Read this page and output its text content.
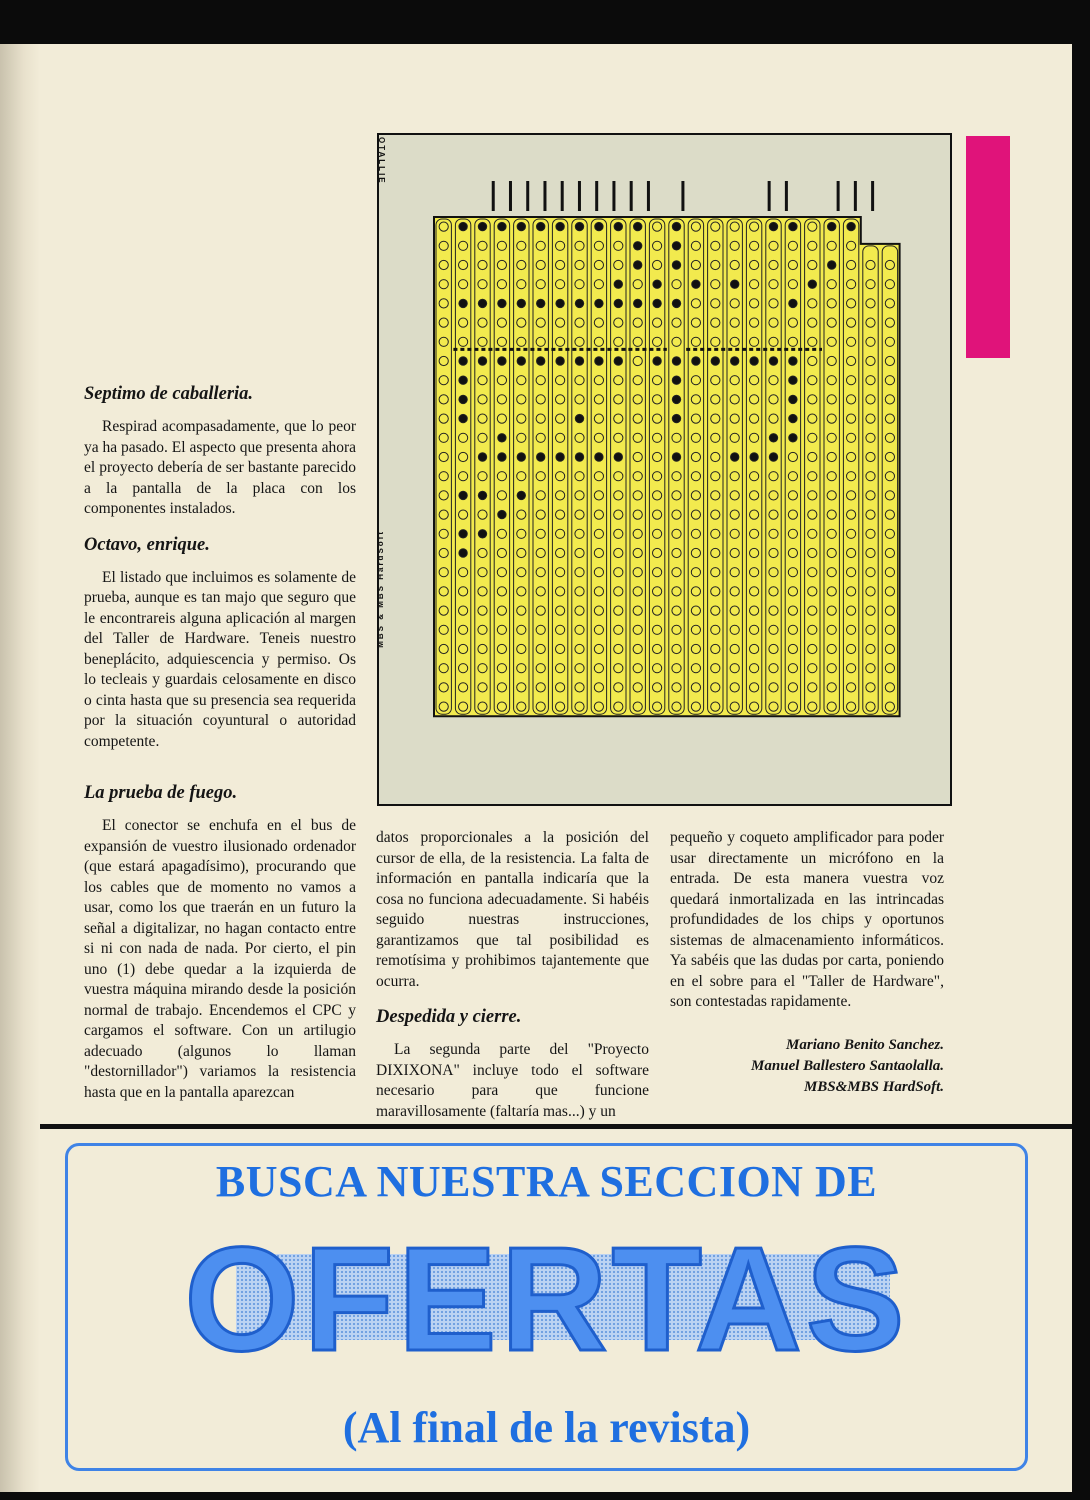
OTALLIE
MBS & MBS HardSoft
Septimo de caballeria.

Respirad acompasadamente, que lo peor ya ha pasado. El aspecto que presenta ahora el proyecto debería de ser bastante parecido a la pantalla de la placa con los componentes instalados.

Octavo, enrique.

El listado que incluimos es solamente de prueba, aunque es tan majo que seguro que le encontrareis alguna aplicación al margen del Taller de Hardware. Teneis nuestro beneplácito, adquiescencia y permiso. Os lo tecleais y guardais celosamente en disco o cinta hasta que su presencia sea requerida por la situación coyuntural o autoridad competente.

La prueba de fuego.

El conector se enchufa en el bus de expansión de vuestro ilusionado ordenador (que estará apagadísimo), procurando que los cables que de momento no vamos a usar, como los que traerán en un futuro la señal a digitalizar, no hagan contacto entre si ni con nada de nada. Por cierto, el pin uno (1) debe quedar a la izquierda de vuestra máquina mirando desde la posición normal de trabajo. Encendemos el CPC y cargamos el software. Con un artilugio adecuado (algunos lo llaman "destornillador") variamos la resistencia hasta que en la pantalla aparezcan

datos proporcionales a la posición del cursor de ella, de la resistencia. La falta de información en pantalla indicaría que la cosa no funciona adecuadamente. Si habéis seguido nuestras instrucciones, garantizamos que tal posibilidad es remotísima y prohibimos tajantemente que ocurra.

Despedida y cierre.

La segunda parte del "Proyecto DIXIXONA" incluye todo el software necesario para que funcione maravillosamente (faltaría mas...) y un

pequeño y coqueto amplificador para poder usar directamente un micrófono en la entrada. De esta manera vuestra voz quedará inmortalizada en las intrincadas profundidades de los chips y oportunos sistemas de almacenamiento informáticos. Ya sabéis que las dudas por carta, poniendo en el sobre para el "Taller de Hardware", son contestadas rapidamente.

Mariano Benito Sanchez.
Manuel Ballestero Santaolalla.
MBS&MBS HardSoft.
BUSCA NUESTRA SECCION DE
OFERTAS
(Al final de la revista)
